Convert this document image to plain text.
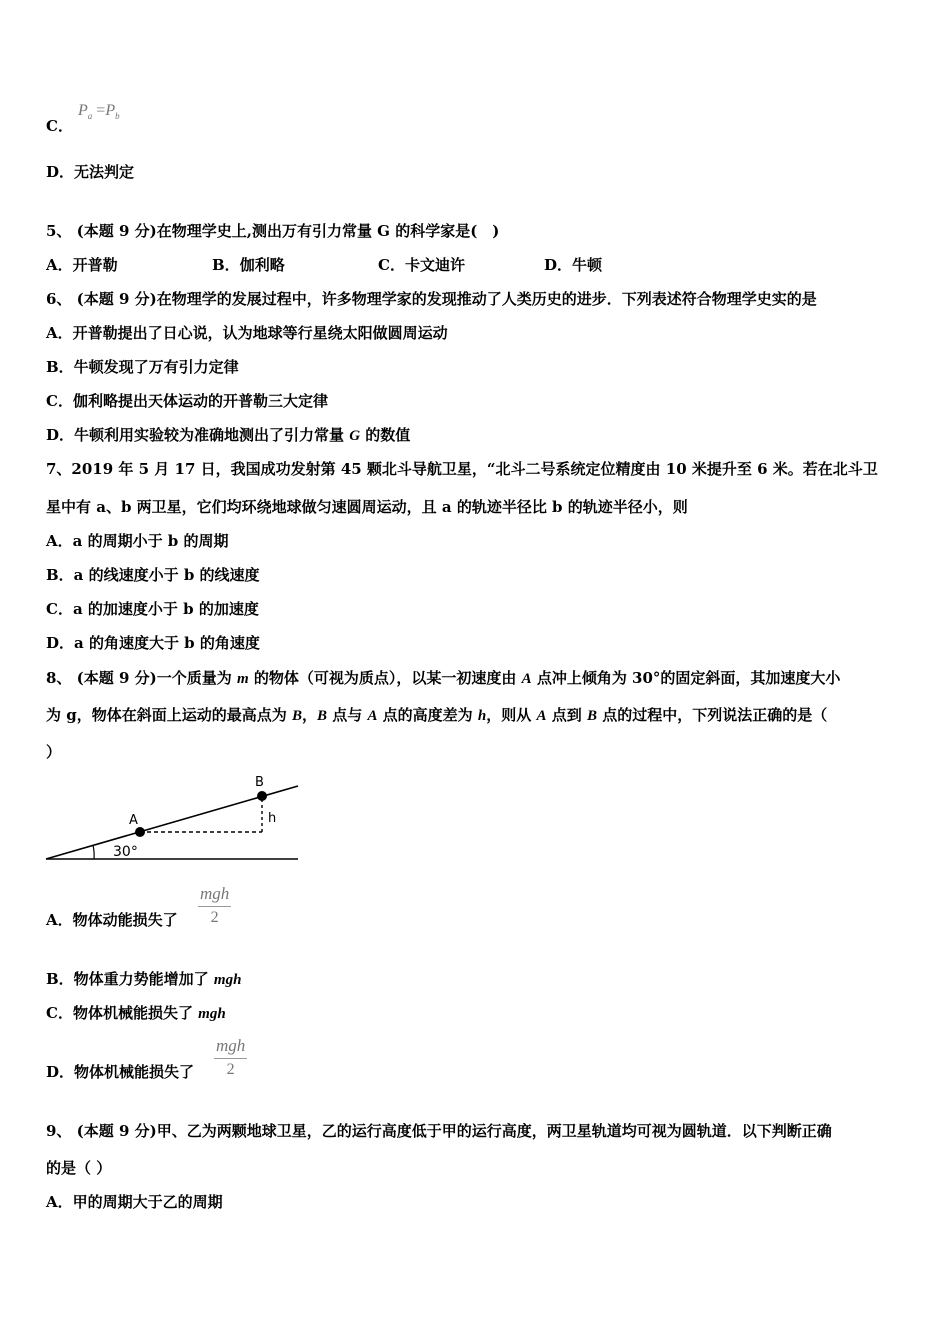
C．
$P_a =P_b$
D．无法判定
5、 (本题 9 分)在物理学史上,测出万有引力常量 G 的科学家是(　)
A．开普勒	B．伽利略	C．卡文迪许	D．牛顿
6、 (本题 9 分)在物理学的发展过程中，许多物理学家的发现推动了人类历史的进步．下列表述符合物理学史实的是
A．开普勒提出了日心说，认为地球等行星绕太阳做圆周运动
B．牛顿发现了万有引力定律
C．伽利略提出天体运动的开普勒三大定律
D．牛顿利用实验较为准确地测出了引力常量 G 的数值
7、2019 年 5 月 17 日，我国成功发射第 45 颗北斗导航卫星，“北斗二号系统定位精度由 10 米提升至 6 米。若在北斗卫
星中有 a、b 两卫星，它们均环绕地球做匀速圆周运动，且 a 的轨迹半径比 b 的轨迹半径小，则
A．a 的周期小于 b 的周期
B．a 的线速度小于 b 的线速度
C．a 的加速度小于 b 的加速度
D．a 的角速度大于 b 的角速度
8、 (本题 9 分)一个质量为 m 的物体（可视为质点），以某一初速度由 A 点冲上倾角为 30°的固定斜面，其加速度大小
为 g，物体在斜面上运动的最高点为 B，B 点与 A 点的高度差为 h，则从 A 点到 B 点的过程中，下列说法正确的是（
）
A
B
h
30°
A．物体动能损失了
mgh
2
B．物体重力势能增加了 mgh
C．物体机械能损失了 mgh
D．物体机械能损失了
mgh
2
9、 (本题 9 分)甲、乙为两颗地球卫星，乙的运行高度低于甲的运行高度，两卫星轨道均可视为圆轨道．以下判断正确
的是（ ）
A．甲的周期大于乙的周期
